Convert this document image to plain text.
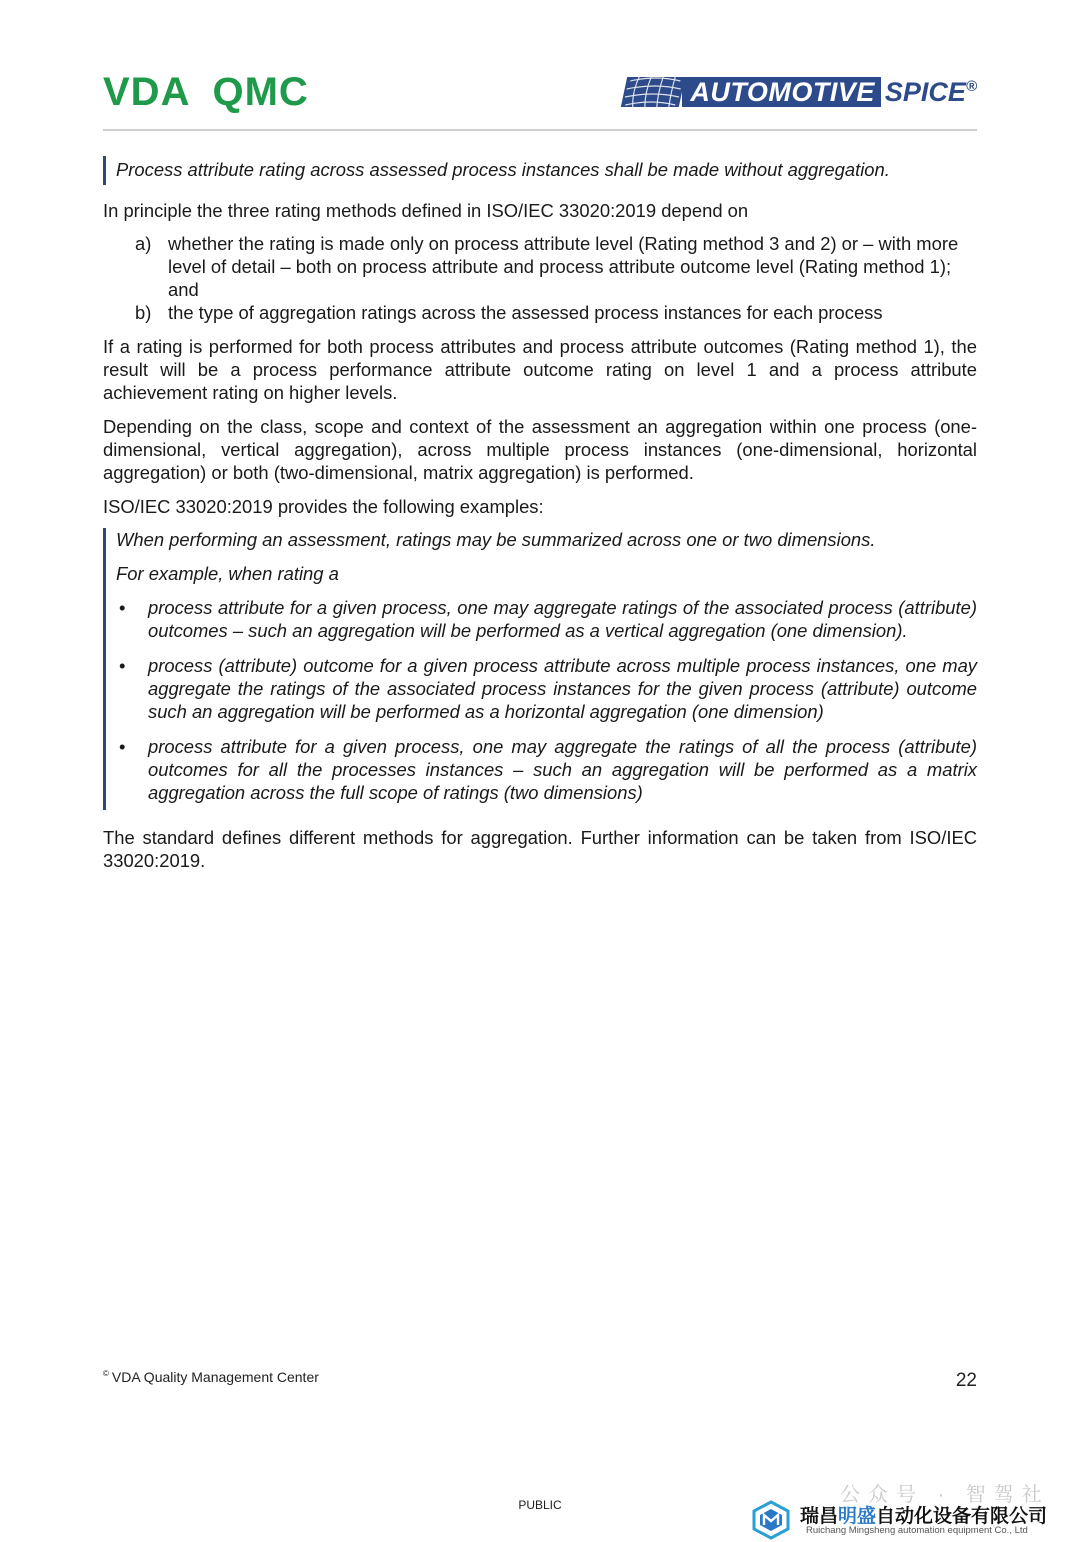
VDA QMC	AUTOMOTIVE SPICE®

Process attribute rating across assessed process instances shall be made without aggregation.

In principle the three rating methods defined in ISO/IEC 33020:2019 depend on

a) whether the rating is made only on process attribute level (Rating method 3 and 2) or – with more level of detail – both on process attribute and process attribute outcome level (Rating method 1); and
b) the type of aggregation ratings across the assessed process instances for each process

If a rating is performed for both process attributes and process attribute outcomes (Rating method 1), the result will be a process performance attribute outcome rating on level 1 and a process attribute achievement rating on higher levels.

Depending on the class, scope and context of the assessment an aggregation within one process (one-dimensional, vertical aggregation), across multiple process instances (one-dimensional, horizontal aggregation) or both (two-dimensional, matrix aggregation) is performed.

ISO/IEC 33020:2019 provides the following examples:

When performing an assessment, ratings may be summarized across one or two dimensions.

For example, when rating a

• process attribute for a given process, one may aggregate ratings of the associated process (attribute) outcomes – such an aggregation will be performed as a vertical aggregation (one dimension).
• process (attribute) outcome for a given process attribute across multiple process instances, one may aggregate the ratings of the associated process instances for the given process (attribute) outcome such an aggregation will be performed as a horizontal aggregation (one dimension)
• process attribute for a given process, one may aggregate the ratings of all the process (attribute) outcomes for all the processes instances – such an aggregation will be performed as a matrix aggregation across the full scope of ratings (two dimensions)

The standard defines different methods for aggregation. Further information can be taken from ISO/IEC 33020:2019.

© VDA Quality Management Center	22
PUBLIC	公众号 · 智驾社
瑞昌明盛自动化设备有限公司
Ruichang Mingsheng automation equipment Co., Ltd
